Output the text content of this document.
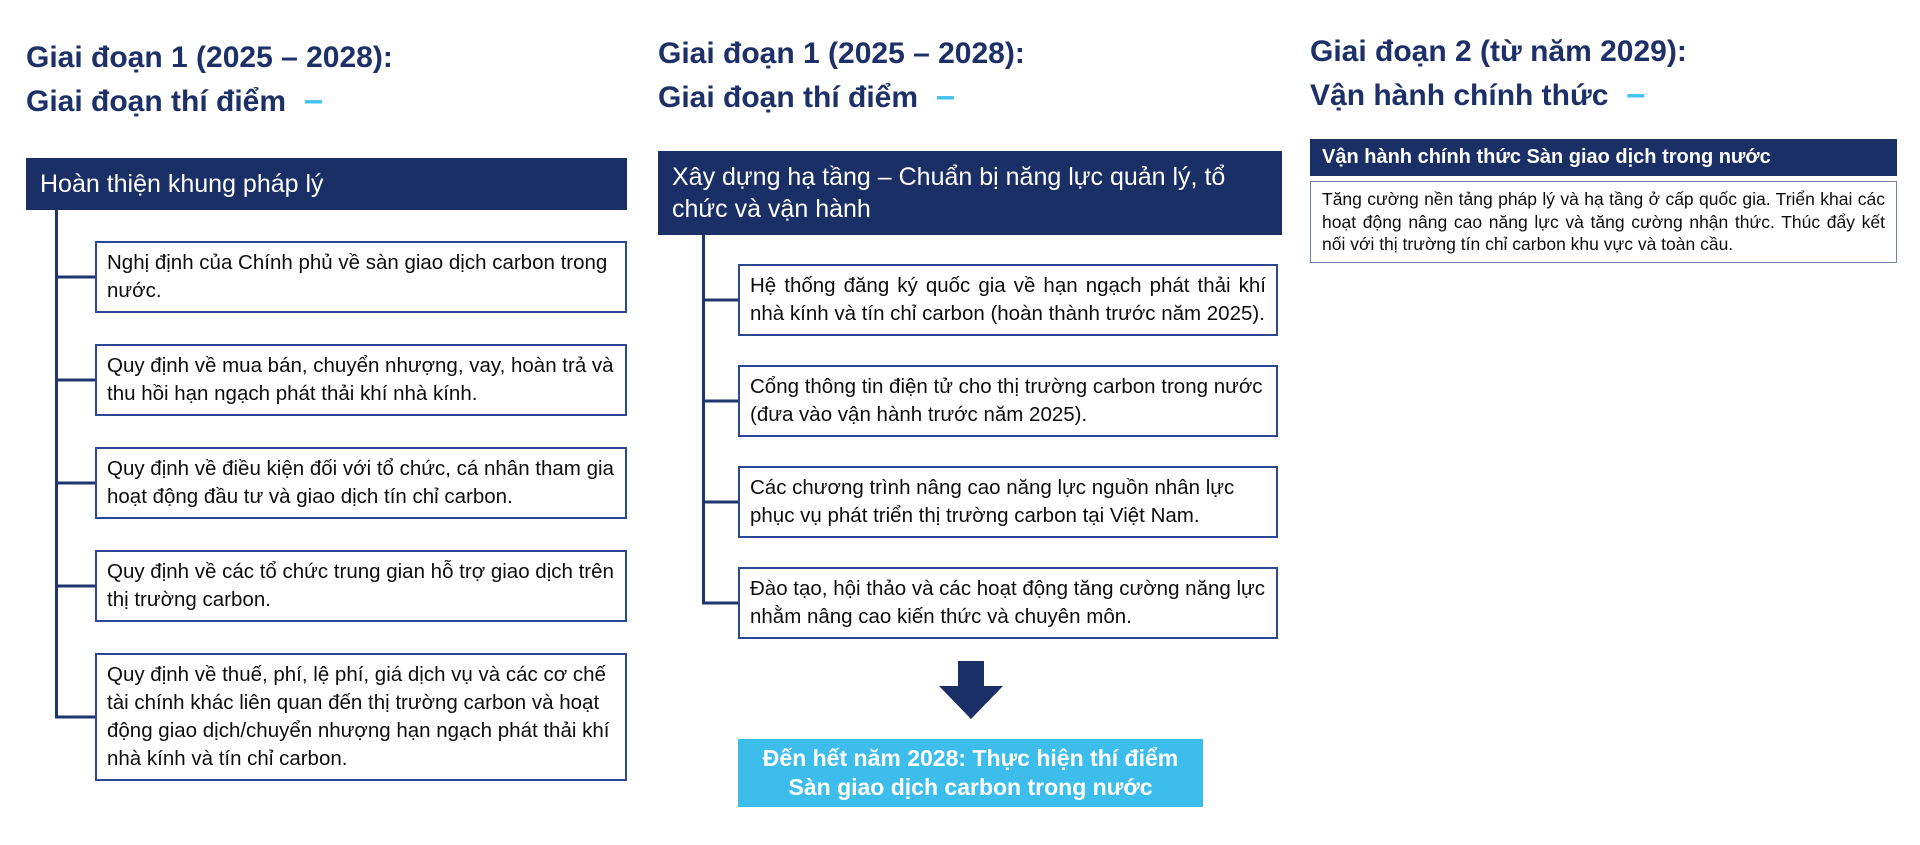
Giai đoạn 1 (2025 – 2028):
Giai đoạn thí điểm –
Hoàn thiện khung pháp lý
Nghị định của Chính phủ về sàn giao dịch carbon trong nước.
Quy định về mua bán, chuyển nhượng, vay, hoàn trả và thu hồi hạn ngạch phát thải khí nhà kính.
Quy định về điều kiện đối với tổ chức, cá nhân tham gia hoạt động đầu tư và giao dịch tín chỉ carbon.
Quy định về các tổ chức trung gian hỗ trợ giao dịch trên thị trường carbon.
Quy định về thuế, phí, lệ phí, giá dịch vụ và các cơ chế tài chính khác liên quan đến thị trường carbon và hoạt động giao dịch/chuyển nhượng hạn ngạch phát thải khí nhà kính và tín chỉ carbon.
Giai đoạn 1 (2025 – 2028):
Giai đoạn thí điểm –
Xây dựng hạ tầng – Chuẩn bị năng lực quản lý, tổ chức và vận hành
Hệ thống đăng ký quốc gia về hạn ngạch phát thải khí nhà kính và tín chỉ carbon (hoàn thành trước năm 2025).
Cổng thông tin điện tử cho thị trường carbon trong nước (đưa vào vận hành trước năm 2025).
Các chương trình nâng cao năng lực nguồn nhân lực phục vụ phát triển thị trường carbon tại Việt Nam.
Đào tạo, hội thảo và các hoạt động tăng cường năng lực nhằm nâng cao kiến thức và chuyên môn.
Đến hết năm 2028: Thực hiện thí điểm
Sàn giao dịch carbon trong nước
Giai đoạn 2 (từ năm 2029):
Vận hành chính thức –
Vận hành chính thức Sàn giao dịch trong nước
Tăng cường nền tảng pháp lý và hạ tầng ở cấp quốc gia. Triển khai các hoạt động nâng cao năng lực và tăng cường nhận thức. Thúc đẩy kết nối với thị trường tín chỉ carbon khu vực và toàn cầu.
